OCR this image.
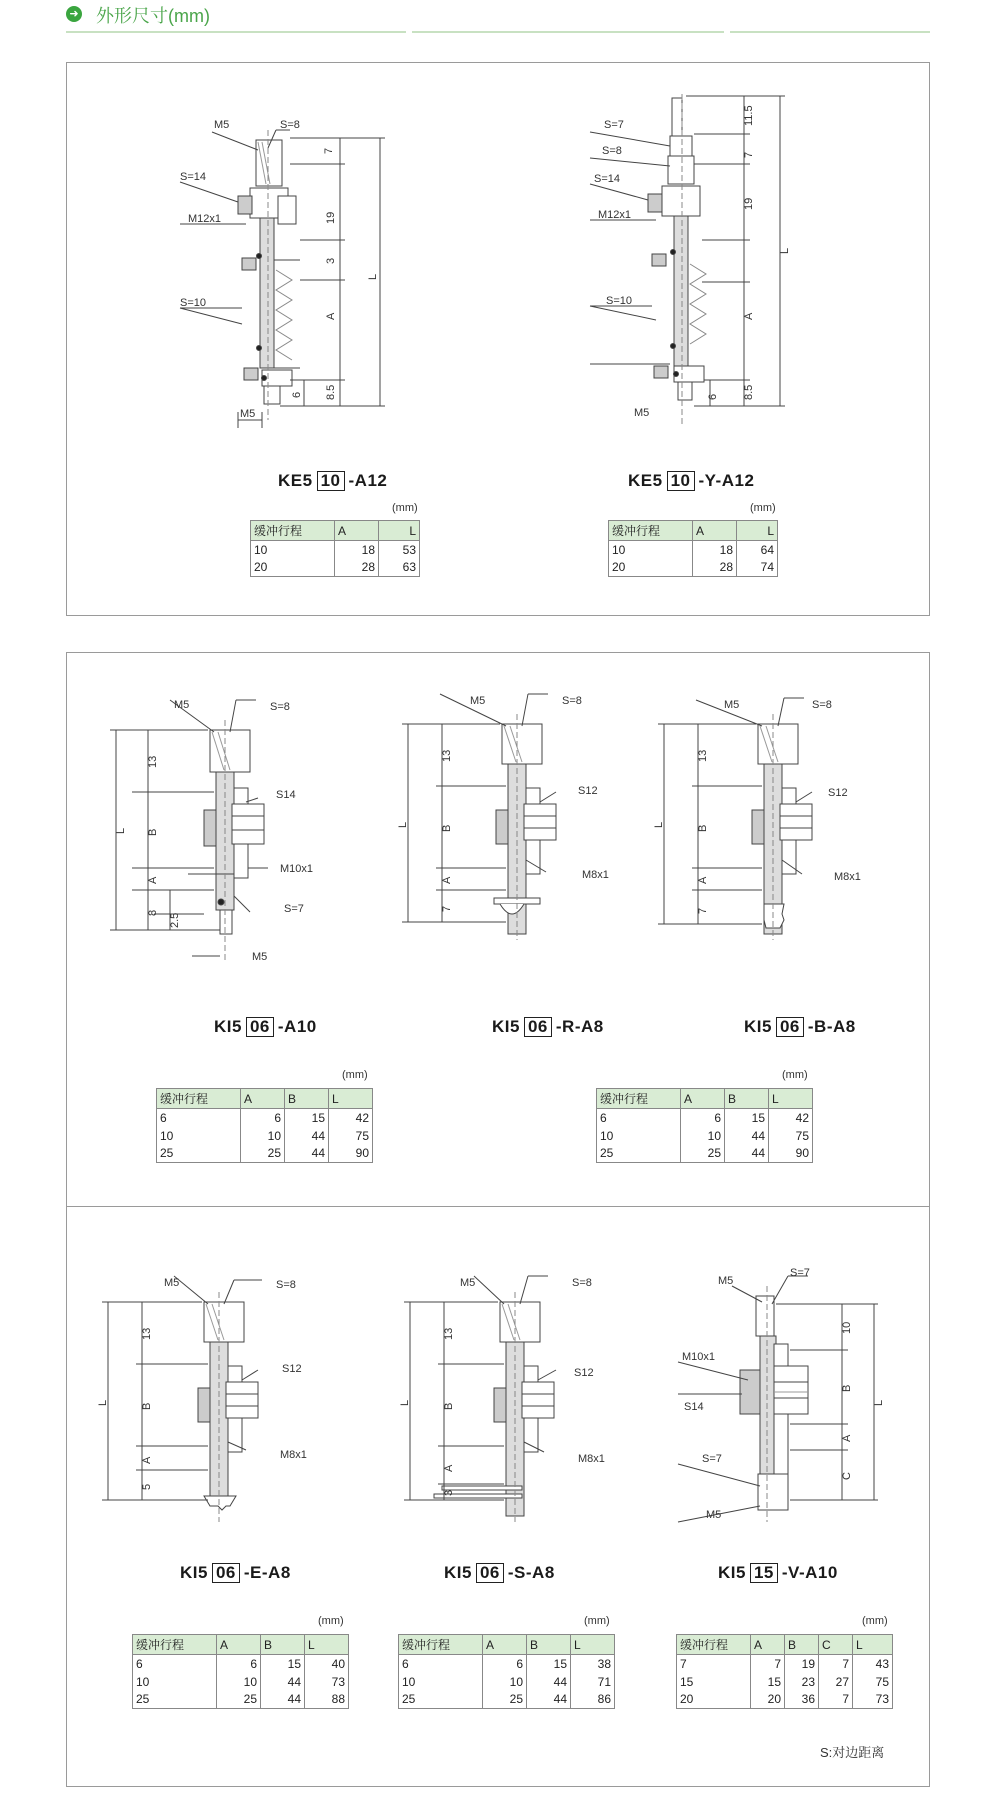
➜ 外形尺寸(mm)
M5	S=8
S=14
M12x1
S=10
7
19
3
A
8.5
6
L
M5
KE5 10 -A12
(mm)
缓冲行程	A	L
10	18	53
20	28	63
S=7
S=8
S=14
M12x1
S=10
M5
11.5
7
19
A
8.5
6
L
KE5 10 -Y-A12
(mm)
缓冲行程	A	L
10	18	64
20	28	74
M5	S=8
S14
M10x1
S=7
M5
13
B
A
8 2.5
L
KI5 06 -A10
(mm)
缓冲行程	A	B	L
6	6	15	42
10	10	44	75
25	25	44	90
M5	S=8
S12
M8x1
13
B
A
7
L
KI5 06 -R-A8
M5	S=8
S12
M8x1
13
B
A
7
L
KI5 06 -B-A8
(mm)
缓冲行程	A	B	L
6	6	15	42
10	10	44	75
25	25	44	90
M5	S=8
S12
M8x1
13
B
A
5
L
KI5 06 -E-A8
(mm)
缓冲行程	A	B	L
6	6	15	40
10	10	44	73
25	25	44	88
M5	S=8
S12
M8x1
13
B
A
3
L
KI5 06 -S-A8
(mm)
缓冲行程	A	B	L
6	6	15	38
10	10	44	71
25	25	44	86
M5
S=7
M10x1
S14
S=7
M5
10
B
A
C
L
KI5 15 -V-A10
(mm)
缓冲行程	A	B	C	L
7	7	19	7	43
15	15	23	27	75
20	20	36	7	73
S:对边距离
